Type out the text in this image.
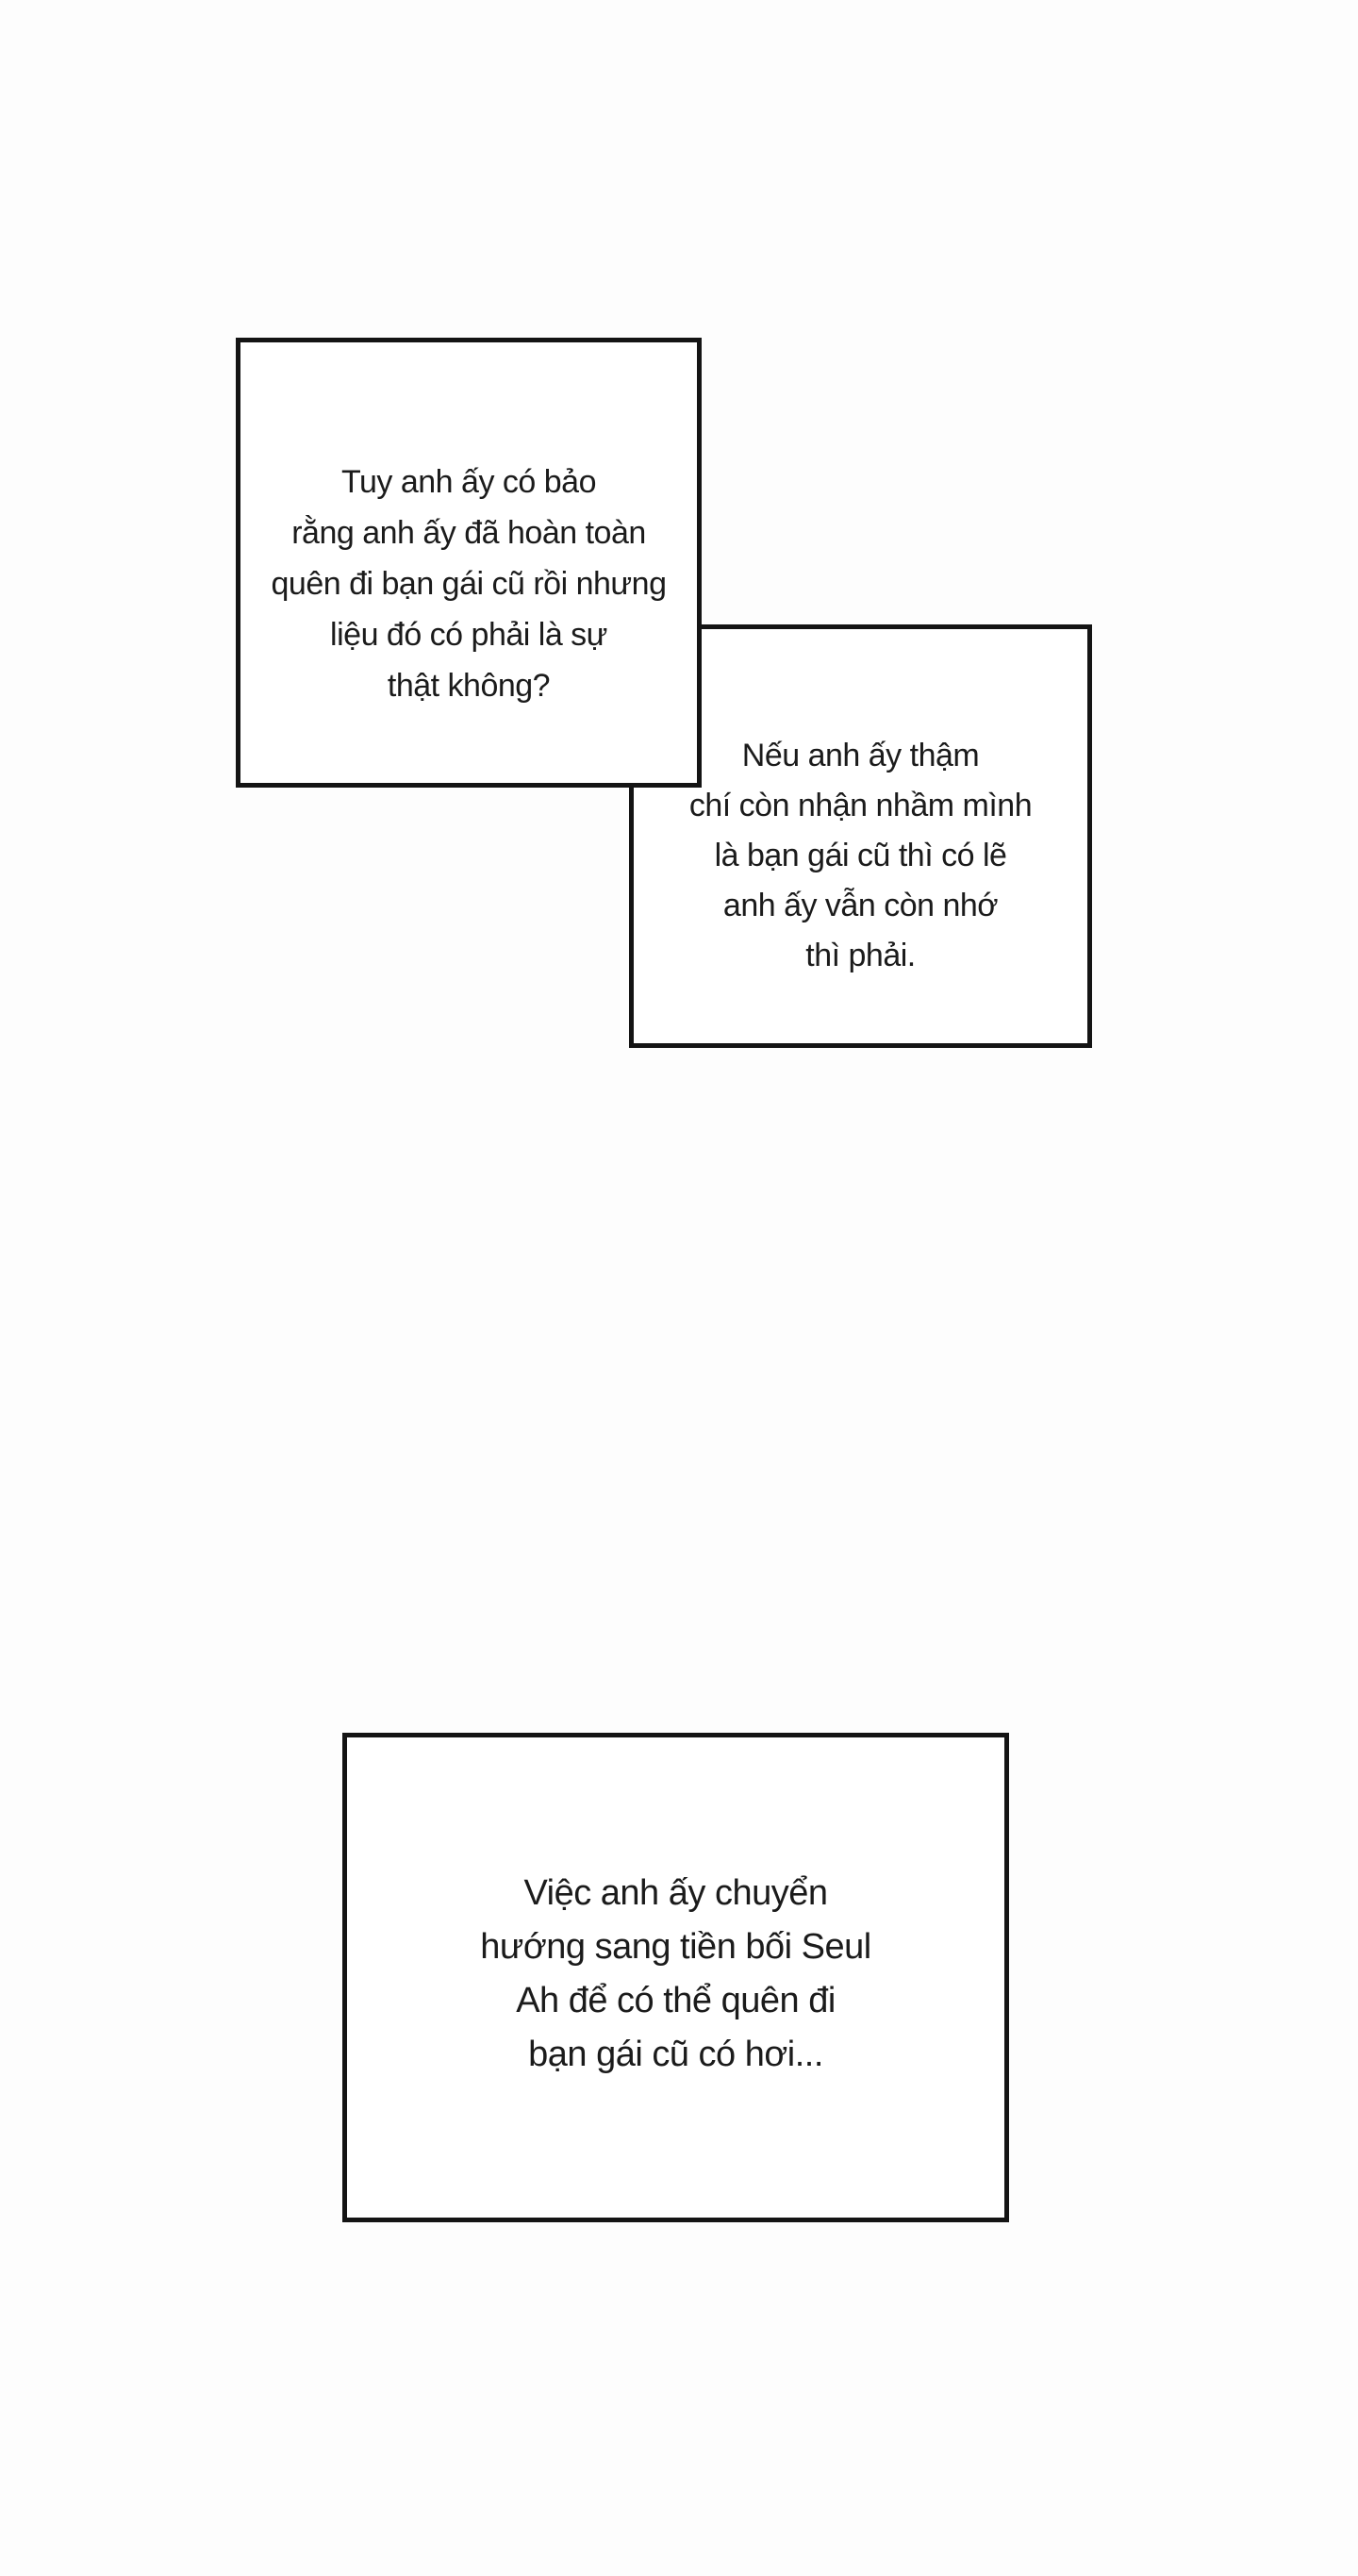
Nếu anh ấy thậm
chí còn nhận nhầm mình
là bạn gái cũ thì có lẽ
anh ấy vẫn còn nhớ
thì phải.
Tuy anh ấy có bảo
rằng anh ấy đã hoàn toàn
quên đi bạn gái cũ rồi nhưng
liệu đó có phải là sự
thật không?
Việc anh ấy chuyển
hướng sang tiền bối Seul
Ah để có thể quên đi
bạn gái cũ có hơi...
